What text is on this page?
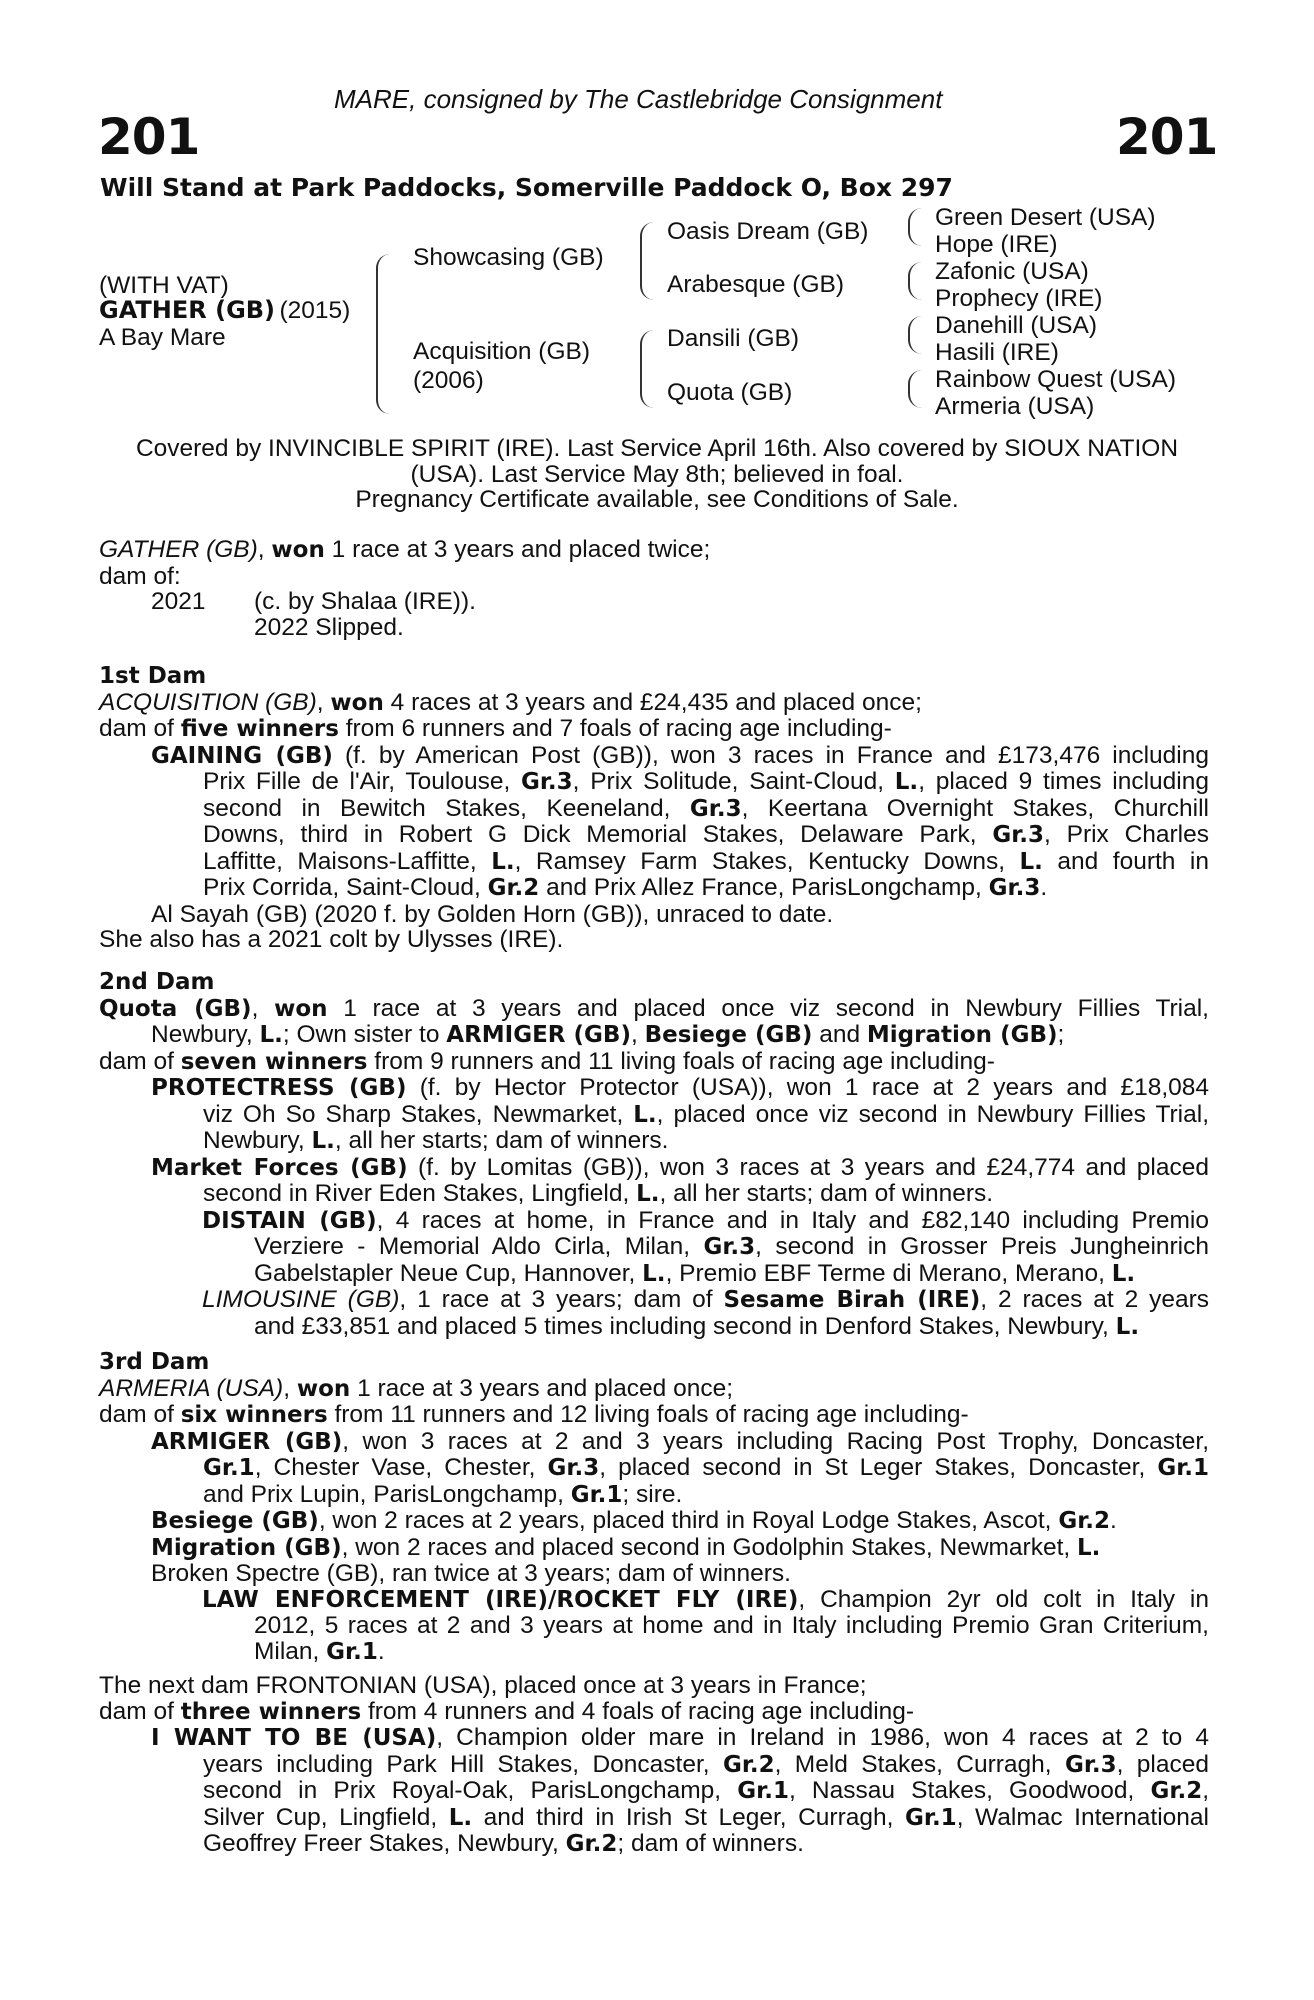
MARE, consigned by The Castlebridge Consignment
201	201
Will Stand at Park Paddocks, Somerville Paddock O, Box 297
(WITH VAT)
GATHER (GB) (2015)
A Bay Mare
Showcasing (GB)
Acquisition (GB)
(2006)
Oasis Dream (GB)
Arabesque (GB)
Dansili (GB)
Quota (GB)
Green Desert (USA)
Hope (IRE)
Zafonic (USA)
Prophecy (IRE)
Danehill (USA)
Hasili (IRE)
Rainbow Quest (USA)
Armeria (USA)
Covered by INVINCIBLE SPIRIT (IRE). Last Service April 16th. Also covered by SIOUX NATION
(USA). Last Service May 8th; believed in foal.
Pregnancy Certificate available, see Conditions of Sale.
GATHER (GB), won 1 race at 3 years and placed twice;
dam of:
2021 (c. by Shalaa (IRE)).
2022 Slipped.
1st Dam
ACQUISITION (GB), won 4 races at 3 years and £24,435 and placed once;
dam of five winners from 6 runners and 7 foals of racing age including-
GAINING (GB) (f. by American Post (GB)), won 3 races in France and £173,476 including
Prix Fille de l'Air, Toulouse, Gr.3, Prix Solitude, Saint-Cloud, L., placed 9 times including
second in Bewitch Stakes, Keeneland, Gr.3, Keertana Overnight Stakes, Churchill
Downs, third in Robert G Dick Memorial Stakes, Delaware Park, Gr.3, Prix Charles
Laffitte, Maisons-Laffitte, L., Ramsey Farm Stakes, Kentucky Downs, L. and fourth in
Prix Corrida, Saint-Cloud, Gr.2 and Prix Allez France, ParisLongchamp, Gr.3.
Al Sayah (GB) (2020 f. by Golden Horn (GB)), unraced to date.
She also has a 2021 colt by Ulysses (IRE).
2nd Dam
Quota (GB), won 1 race at 3 years and placed once viz second in Newbury Fillies Trial,
Newbury, L.; Own sister to ARMIGER (GB), Besiege (GB) and Migration (GB);
dam of seven winners from 9 runners and 11 living foals of racing age including-
PROTECTRESS (GB) (f. by Hector Protector (USA)), won 1 race at 2 years and £18,084
viz Oh So Sharp Stakes, Newmarket, L., placed once viz second in Newbury Fillies Trial,
Newbury, L., all her starts; dam of winners.
Market Forces (GB) (f. by Lomitas (GB)), won 3 races at 3 years and £24,774 and placed
second in River Eden Stakes, Lingfield, L., all her starts; dam of winners.
DISTAIN (GB), 4 races at home, in France and in Italy and £82,140 including Premio
Verziere - Memorial Aldo Cirla, Milan, Gr.3, second in Grosser Preis Jungheinrich
Gabelstapler Neue Cup, Hannover, L., Premio EBF Terme di Merano, Merano, L.
LIMOUSINE (GB), 1 race at 3 years; dam of Sesame Birah (IRE), 2 races at 2 years
and £33,851 and placed 5 times including second in Denford Stakes, Newbury, L.
3rd Dam
ARMERIA (USA), won 1 race at 3 years and placed once;
dam of six winners from 11 runners and 12 living foals of racing age including-
ARMIGER (GB), won 3 races at 2 and 3 years including Racing Post Trophy, Doncaster,
Gr.1, Chester Vase, Chester, Gr.3, placed second in St Leger Stakes, Doncaster, Gr.1
and Prix Lupin, ParisLongchamp, Gr.1; sire.
Besiege (GB), won 2 races at 2 years, placed third in Royal Lodge Stakes, Ascot, Gr.2.
Migration (GB), won 2 races and placed second in Godolphin Stakes, Newmarket, L.
Broken Spectre (GB), ran twice at 3 years; dam of winners.
LAW ENFORCEMENT (IRE)/ROCKET FLY (IRE), Champion 2yr old colt in Italy in
2012, 5 races at 2 and 3 years at home and in Italy including Premio Gran Criterium,
Milan, Gr.1.
The next dam FRONTONIAN (USA), placed once at 3 years in France;
dam of three winners from 4 runners and 4 foals of racing age including-
I WANT TO BE (USA), Champion older mare in Ireland in 1986, won 4 races at 2 to 4
years including Park Hill Stakes, Doncaster, Gr.2, Meld Stakes, Curragh, Gr.3, placed
second in Prix Royal-Oak, ParisLongchamp, Gr.1, Nassau Stakes, Goodwood, Gr.2,
Silver Cup, Lingfield, L. and third in Irish St Leger, Curragh, Gr.1, Walmac International
Geoffrey Freer Stakes, Newbury, Gr.2; dam of winners.
